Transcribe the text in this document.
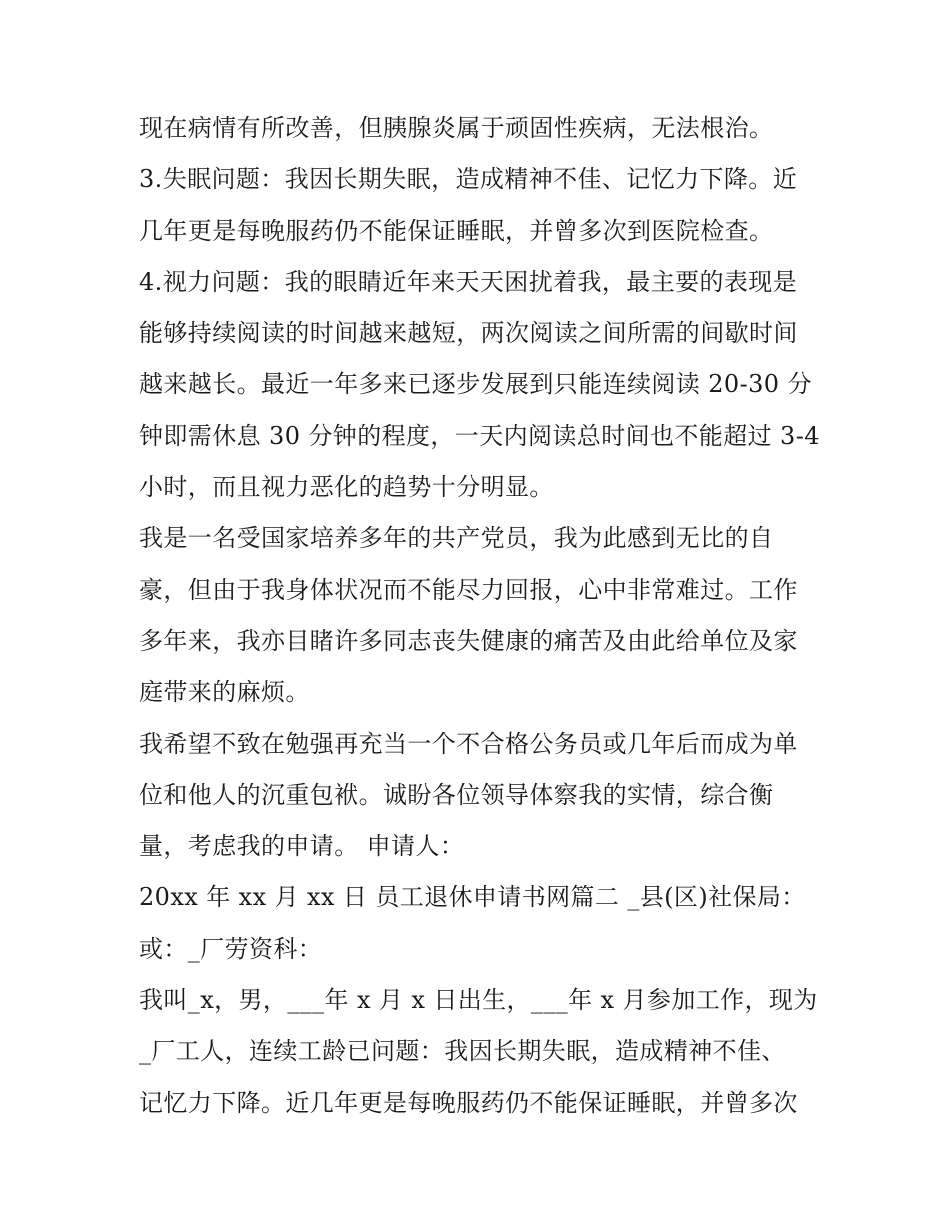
现在病情有所改善，但胰腺炎属于顽固性疾病，无法根治。
3.失眠问题：我因长期失眠，造成精神不佳、记忆力下降。近
几年更是每晚服药仍不能保证睡眠，并曾多次到医院检查。
4.视力问题：我的眼睛近年来天天困扰着我，最主要的表现是
能够持续阅读的时间越来越短，两次阅读之间所需的间歇时间
越来越长。最近一年多来已逐步发展到只能连续阅读 20-30 分
钟即需休息 30 分钟的程度，一天内阅读总时间也不能超过 3-4
小时，而且视力恶化的趋势十分明显。
我是一名受国家培养多年的共产党员，我为此感到无比的自
豪，但由于我身体状况而不能尽力回报，心中非常难过。工作
多年来，我亦目睹许多同志丧失健康的痛苦及由此给单位及家
庭带来的麻烦。
我希望不致在勉强再充当一个不合格公务员或几年后而成为单
位和他人的沉重包袱。诚盼各位领导体察我的实情，综合衡
量，考虑我的申请。 申请人：
20xx 年 xx 月 xx 日 员工退休申请书网篇二 _县(区)社保局：
或：_厂劳资科：
我叫_x，男，___年 x 月 x 日出生，___年 x 月参加工作，现为
_厂工人，连续工龄已问题：我因长期失眠，造成精神不佳、
记忆力下降。近几年更是每晚服药仍不能保证睡眠，并曾多次
